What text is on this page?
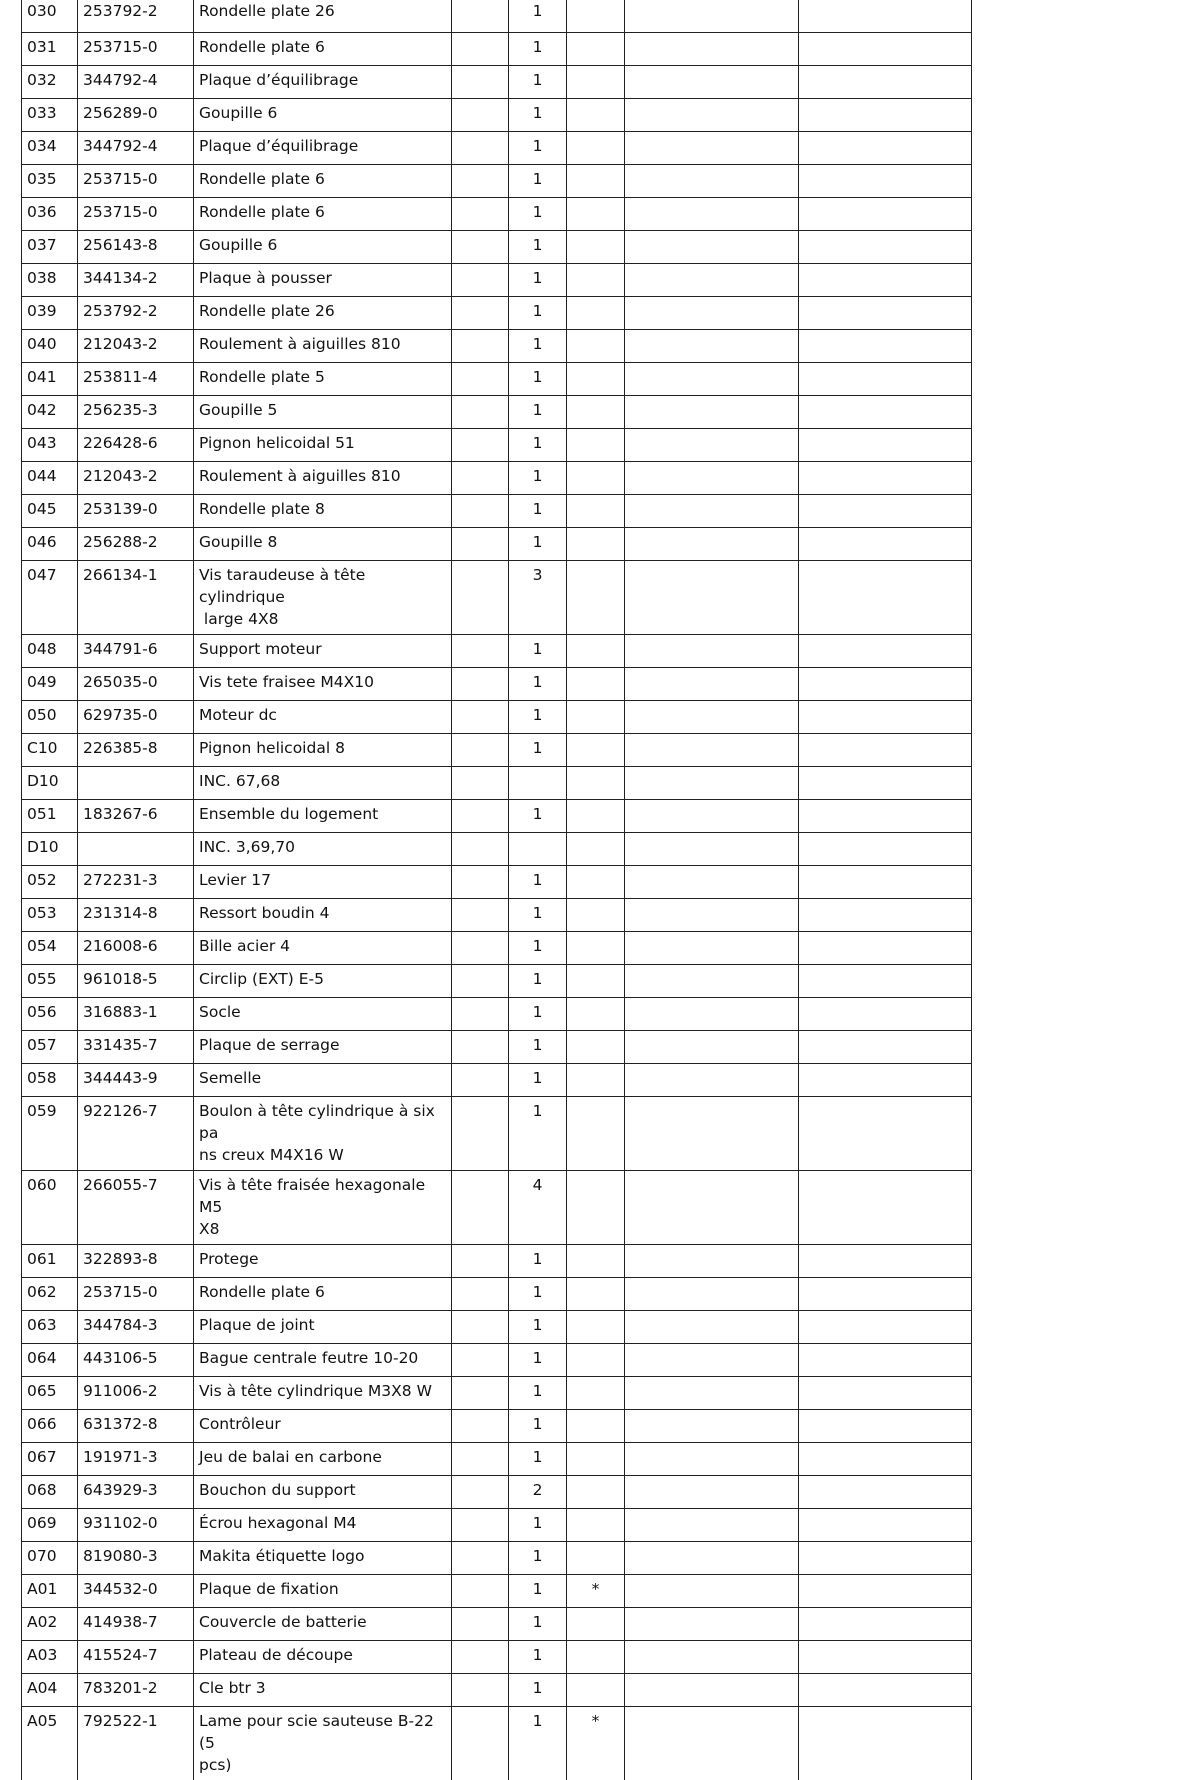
030	253792-2	Rondelle plate 26		1			
031	253715-0	Rondelle plate 6		1			
032	344792-4	Plaque d’équilibrage		1			
033	256289-0	Goupille 6		1			
034	344792-4	Plaque d’équilibrage		1			
035	253715-0	Rondelle plate 6		1			
036	253715-0	Rondelle plate 6		1			
037	256143-8	Goupille 6		1			
038	344134-2	Plaque à pousser		1			
039	253792-2	Rondelle plate 26		1			
040	212043-2	Roulement à aiguilles 810		1			
041	253811-4	Rondelle plate 5		1			
042	256235-3	Goupille 5		1			
043	226428-6	Pignon helicoidal 51		1			
044	212043-2	Roulement à aiguilles 810		1			
045	253139-0	Rondelle plate 8		1			
046	256288-2	Goupille 8		1			
047	266134-1	Vis taraudeuse à tête cylindrique
large 4X8		3			
048	344791-6	Support moteur		1			
049	265035-0	Vis tete fraisee M4X10		1			
050	629735-0	Moteur dc		1			
C10	226385-8	Pignon helicoidal 8		1			
D10		INC. 67,68					

051	183267-6	Ensemble du logement		1			
D10		INC. 3,69,70					

052	272231-3	Levier 17		1			
053	231314-8	Ressort boudin 4		1			
054	216008-6	Bille acier 4		1			
055	961018-5	Circlip (EXT) E-5		1			
056	316883-1	Socle		1			
057	331435-7	Plaque de serrage		1			
058	344443-9	Semelle		1			
059	922126-7	Boulon à tête cylindrique à six pa
ns creux M4X16 W		1			
060	266055-7	Vis à tête fraisée hexagonale M5
X8		4			
061	322893-8	Protege		1			
062	253715-0	Rondelle plate 6		1			
063	344784-3	Plaque de joint		1			
064	443106-5	Bague centrale feutre 10-20		1			
065	911006-2	Vis à tête cylindrique M3X8 W		1			
066	631372-8	Contrôleur		1			
067	191971-3	Jeu de balai en carbone		1			
068	643929-3	Bouchon du support		2			
069	931102-0	Écrou hexagonal M4		1			
070	819080-3	Makita étiquette logo		1			
A01	344532-0	Plaque de fixation		1	*		
A02	414938-7	Couvercle de batterie		1			
A03	415524-7	Plateau de découpe		1			
A04	783201-2	Cle btr 3		1			
A05	792522-1	Lame pour scie sauteuse B-22 (5
pcs)		1	*		
